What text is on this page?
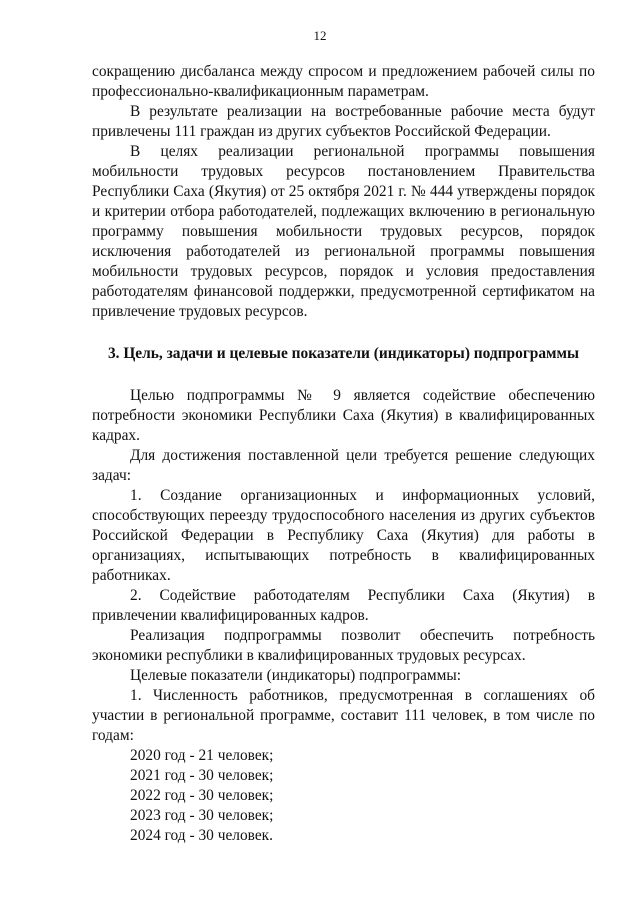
12

сокращению дисбаланса между спросом и предложением рабочей силы по профессионально-квалификационным параметрам.

В результате реализации на востребованные рабочие места будут привлечены 111 граждан из других субъектов Российской Федерации.

В целях реализации региональной программы повышения мобильности трудовых ресурсов постановлением Правительства Республики Саха (Якутия) от 25 октября 2021 г. № 444 утверждены порядок и критерии отбора работодателей, подлежащих включению в региональную программу повышения мобильности трудовых ресурсов, порядок исключения работодателей из региональной программы повышения мобильности трудовых ресурсов, порядок и условия предоставления работодателям финансовой поддержки, предусмотренной сертификатом на привлечение трудовых ресурсов.

3. Цель, задачи и целевые показатели (индикаторы) подпрограммы

Целью подпрограммы № 9 является содействие обеспечению потребности экономики Республики Саха (Якутия) в квалифицированных кадрах.

Для достижения поставленной цели требуется решение следующих задач:

1. Создание организационных и информационных условий, способствующих переезду трудоспособного населения из других субъектов Российской Федерации в Республику Саха (Якутия) для работы в организациях, испытывающих потребность в квалифицированных работниках.

2. Содействие работодателям Республики Саха (Якутия) в привлечении квалифицированных кадров.

Реализация подпрограммы позволит обеспечить потребность экономики республики в квалифицированных трудовых ресурсах.

Целевые показатели (индикаторы) подпрограммы:

1. Численность работников, предусмотренная в соглашениях об участии в региональной программе, составит 111 человек, в том числе по годам:

2020 год - 21 человек;

2021 год - 30 человек;

2022 год - 30 человек;

2023 год - 30 человек;

2024 год - 30 человек.
